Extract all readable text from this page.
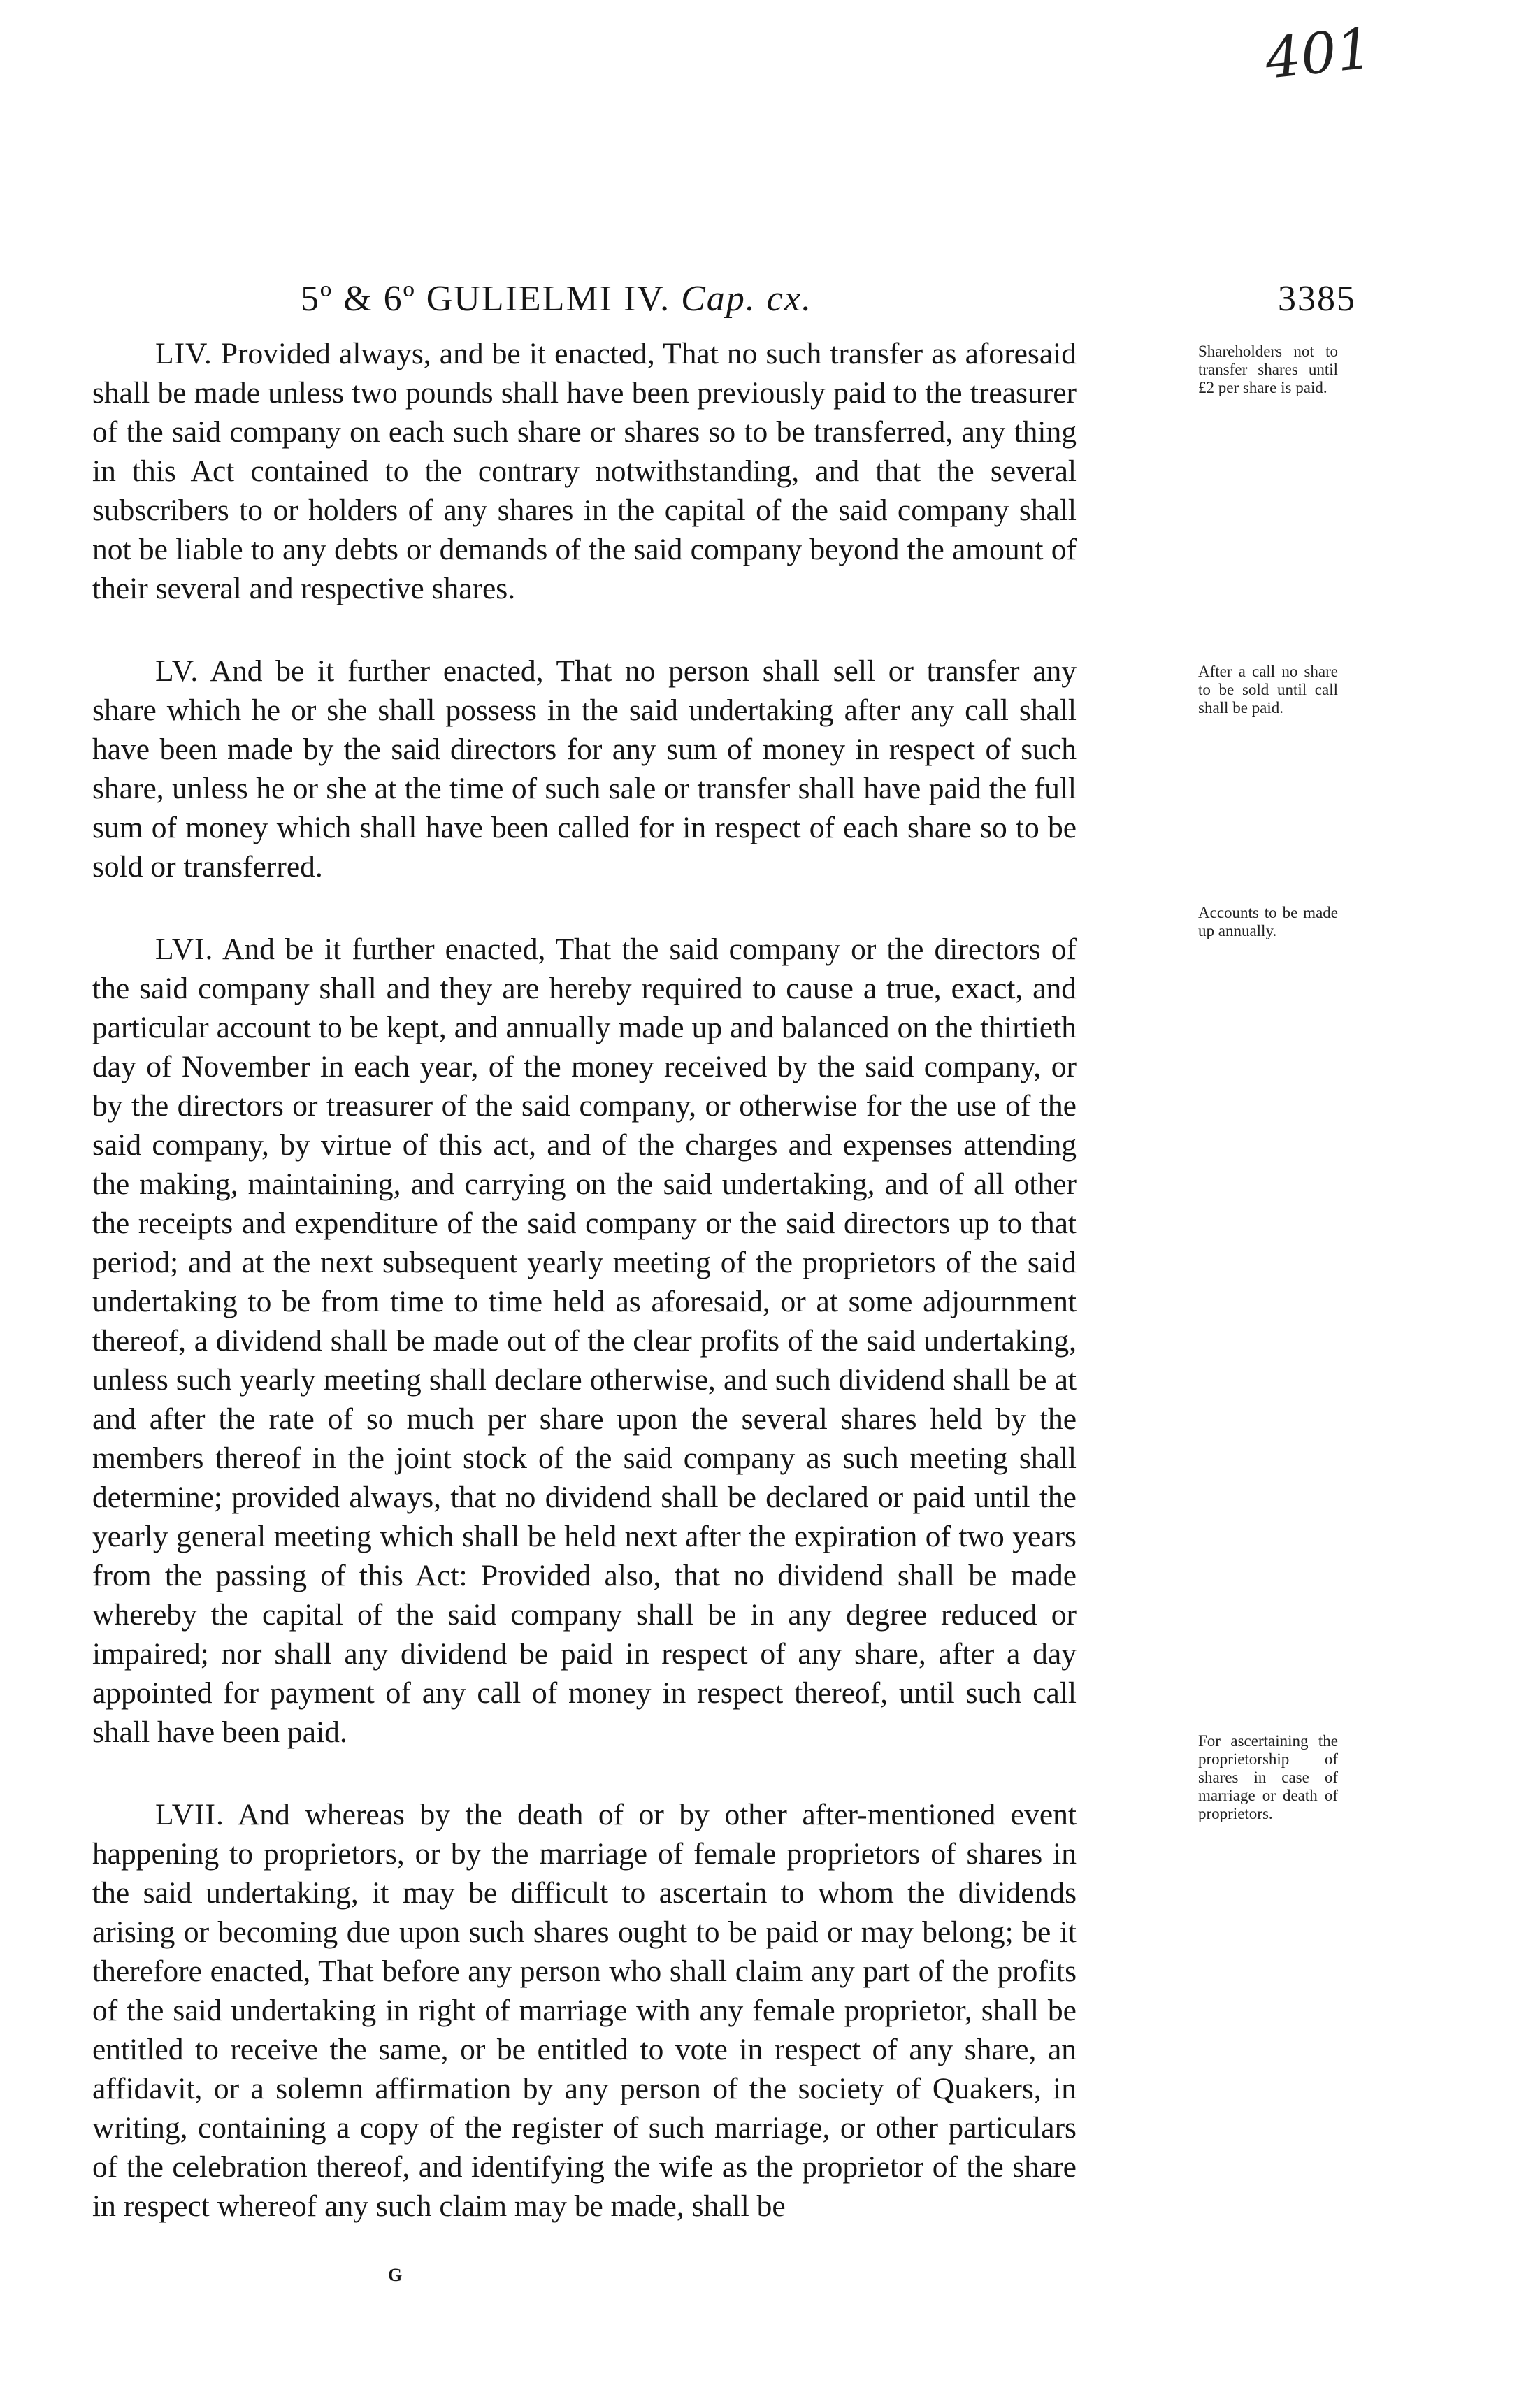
401
5º & 6º GULIELMI IV. Cap. cx.	3385

LIV. Provided always, and be it enacted, That no such transfer as aforesaid shall be made unless two pounds shall have been previously paid to the treasurer of the said company on each such share or shares so to be transferred, any thing in this Act contained to the contrary notwithstanding, and that the several subscribers to or holders of any shares in the capital of the said company shall not be liable to any debts or demands of the said company beyond the amount of their several and respective shares.

LV. And be it further enacted, That no person shall sell or transfer any share which he or she shall possess in the said undertaking after any call shall have been made by the said directors for any sum of money in respect of such share, unless he or she at the time of such sale or transfer shall have paid the full sum of money which shall have been called for in respect of each share so to be sold or transferred.

LVI. And be it further enacted, That the said company or the directors of the said company shall and they are hereby required to cause a true, exact, and particular account to be kept, and annually made up and balanced on the thirtieth day of November in each year, of the money received by the said company, or by the directors or treasurer of the said company, or otherwise for the use of the said company, by virtue of this act, and of the charges and expenses attending the making, maintaining, and carrying on the said undertaking, and of all other the receipts and expenditure of the said company or the said directors up to that period; and at the next subsequent yearly meeting of the proprietors of the said undertaking to be from time to time held as aforesaid, or at some adjournment thereof, a dividend shall be made out of the clear profits of the said undertaking, unless such yearly meeting shall declare otherwise, and such dividend shall be at and after the rate of so much per share upon the several shares held by the members thereof in the joint stock of the said company as such meeting shall determine; provided always, that no dividend shall be declared or paid until the yearly general meeting which shall be held next after the expiration of two years from the passing of this Act: Provided also, that no dividend shall be made whereby the capital of the said company shall be in any degree reduced or impaired; nor shall any dividend be paid in respect of any share, after a day appointed for payment of any call of money in respect thereof, until such call shall have been paid.

LVII. And whereas by the death of or by other after-mentioned event happening to proprietors, or by the marriage of female proprietors of shares in the said undertaking, it may be difficult to ascertain to whom the dividends arising or becoming due upon such shares ought to be paid or may belong; be it therefore enacted, That before any person who shall claim any part of the profits of the said undertaking in right of marriage with any female proprietor, shall be entitled to receive the same, or be entitled to vote in respect of any share, an affidavit, or a solemn affirmation by any person of the society of Quakers, in writing, containing a copy of the register of such marriage, or other particulars of the celebration thereof, and identifying the wife as the proprietor of the share in respect whereof any such claim may be made, shall be

Shareholders not to transfer shares until £2 per share is paid.
After a call no share to be sold until call shall be paid.
Accounts to be made up annually.
For ascertaining the proprietorship of shares in case of marriage or death of proprietors.
G
